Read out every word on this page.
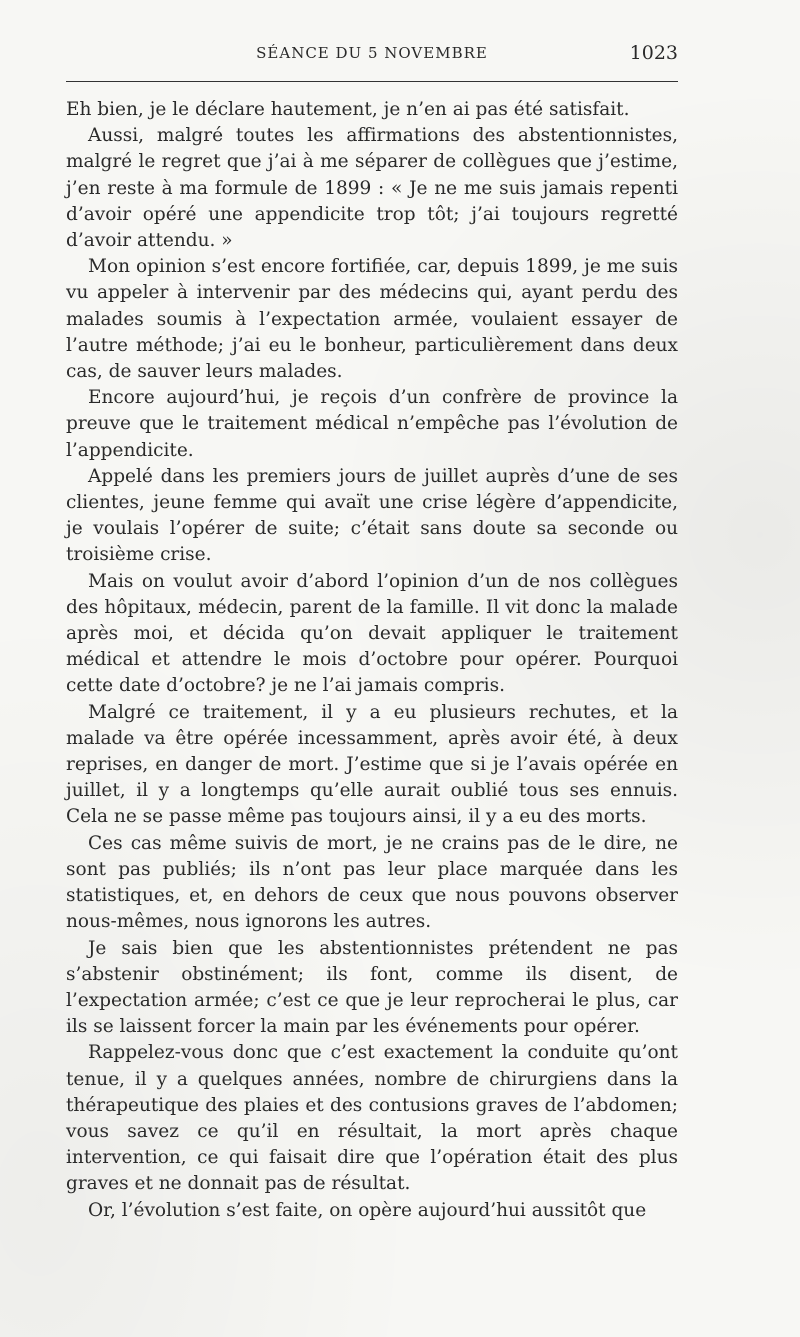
SÉANCE DU 5 NOVEMBRE	1023

Eh bien, je le déclare hautement, je n’en ai pas été satisfait.

Aussi, malgré toutes les affirmations des abstentionnistes, malgré le regret que j’ai à me séparer de collègues que j’estime, j’en reste à ma formule de 1899 : « Je ne me suis jamais repenti d’avoir opéré une appendicite trop tôt; j’ai toujours regretté d’avoir attendu. »

Mon opinion s’est encore fortifiée, car, depuis 1899, je me suis vu appeler à intervenir par des médecins qui, ayant perdu des malades soumis à l’expectation armée, voulaient essayer de l’autre méthode; j’ai eu le bonheur, particulièrement dans deux cas, de sauver leurs malades.

Encore aujourd’hui, je reçois d’un confrère de province la preuve que le traitement médical n’empêche pas l’évolution de l’appendicite.

Appelé dans les premiers jours de juillet auprès d’une de ses clientes, jeune femme qui avaït une crise légère d’appendicite, je voulais l’opérer de suite; c’était sans doute sa seconde ou troisième crise.

Mais on voulut avoir d’abord l’opinion d’un de nos collègues des hôpitaux, médecin, parent de la famille. Il vit donc la malade après moi, et décida qu’on devait appliquer le traitement médical et attendre le mois d’octobre pour opérer. Pourquoi cette date d’octobre? je ne l’ai jamais compris.

Malgré ce traitement, il y a eu plusieurs rechutes, et la malade va être opérée incessamment, après avoir été, à deux reprises, en danger de mort. J’estime que si je l’avais opérée en juillet, il y a longtemps qu’elle aurait oublié tous ses ennuis. Cela ne se passe même pas toujours ainsi, il y a eu des morts.

Ces cas même suivis de mort, je ne crains pas de le dire, ne sont pas publiés; ils n’ont pas leur place marquée dans les statistiques, et, en dehors de ceux que nous pouvons observer nous-mêmes, nous ignorons les autres.

Je sais bien que les abstentionnistes prétendent ne pas s’abstenir obstinément; ils font, comme ils disent, de l’expectation armée; c’est ce que je leur reprocherai le plus, car ils se laissent forcer la main par les événements pour opérer.

Rappelez-vous donc que c’est exactement la conduite qu’ont tenue, il y a quelques années, nombre de chirurgiens dans la thérapeutique des plaies et des contusions graves de l’abdomen; vous savez ce qu’il en résultait, la mort après chaque intervention, ce qui faisait dire que l’opération était des plus graves et ne donnait pas de résultat.

Or, l’évolution s’est faite, on opère aujourd’hui aussitôt que
